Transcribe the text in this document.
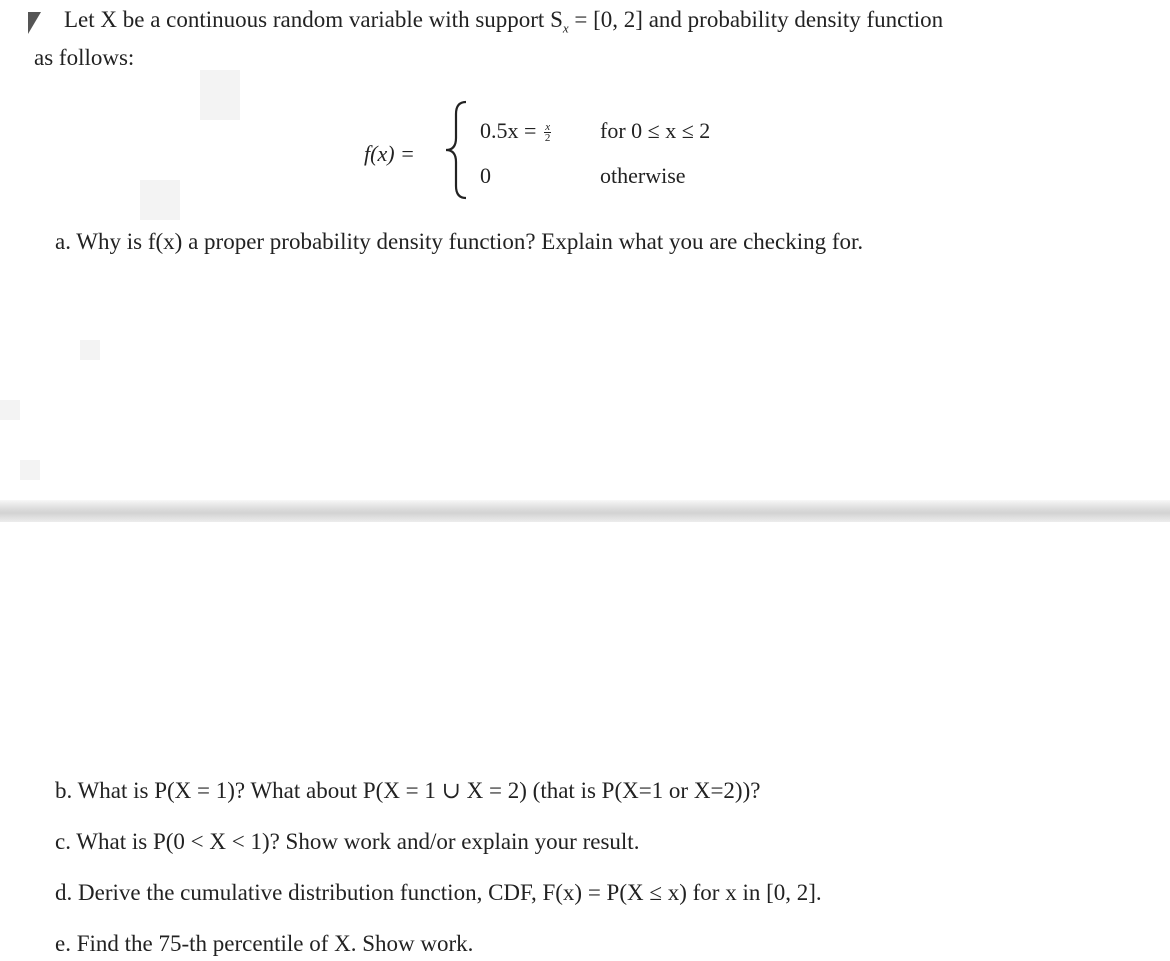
Let X be a continuous random variable with support $S_x = [0$, 2] and probability density function
as follows:
f(x) =
$0.5x = \frac{x}{2}$ for 0 ≤ x ≤ 2
0	otherwise
a. Why is f(x) a proper probability density function? Explain what you are checking for.
b. What is P(X = 1)? What about P(X = 1 ∪ X = 2) (that is P(X=1 or X=2))?
c. What is P(0 < X < 1)? Show work and/or explain your result.
d. Derive the cumulative distribution function, CDF, F(x) = P(X ≤ x) for x in [0, 2].
e. Find the 75-th percentile of X. Show work.
